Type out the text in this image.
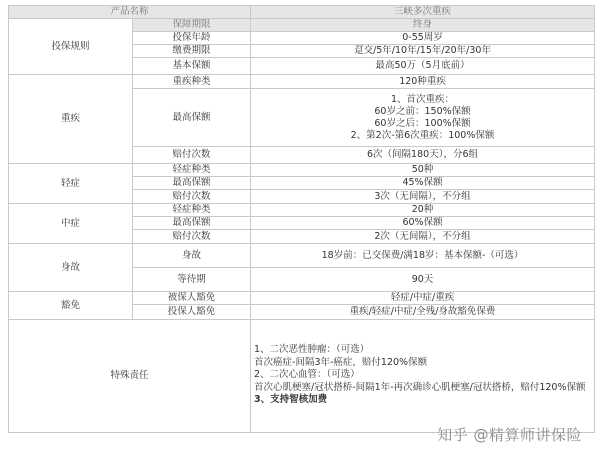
产品名称		三峡多次重疾
投保规则	保障期限	终身
	投保年龄	0-55周岁
	缴费期限	趸交/5年/10年/15年/20年/30年
	基本保额	最高50万（5月底前）
重疾	重疾种类	120种重疾
	最高保额	1、首次重疾：
60岁之前：150%保额
60岁之后：100%保额
2、第2次-第6次重疾：100%保额

	赔付次数	6次（间隔180天），分6组
轻症	轻症种类	50种
	最高保额	45%保额
	赔付次数	3次（无间隔），不分组
中症	轻症种类	20种
	最高保额	60%保额
	赔付次数	2次（无间隔），不分组
身故	身故	18岁前：已交保费/满18岁：基本保额-（可选）
	等待期	90天
豁免	被保人豁免	轻症/中症/重疾
	投保人豁免	重疾/轻症/中症/全残/身故豁免保费
特殊责任		1、二次恶性肿瘤：（可选）
首次癌症-间隔3年-癌症，赔付120%保额
2、二次心血管：（可选）
首次心肌梗塞/冠状搭桥-间隔1年-再次确诊心肌梗塞/冠状搭桥，赔付120%保额
3、支持智核加费
知乎 @精算师讲保险
